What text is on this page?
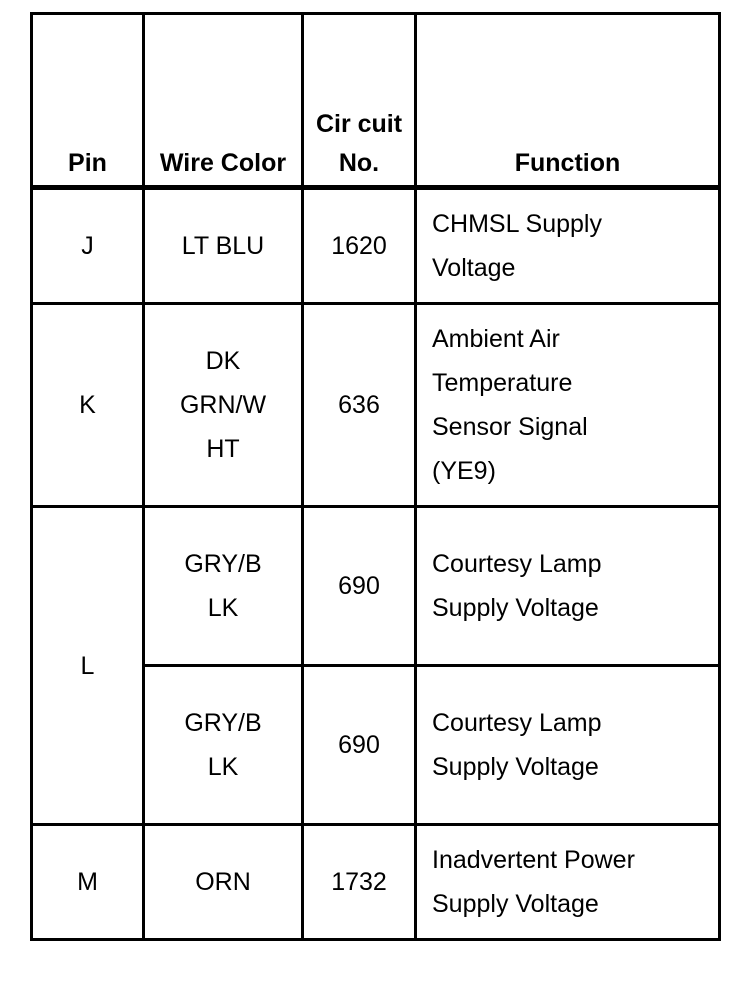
Pin	Wire Color	Cir cuit No.	Function
J	LT BLU	1620	CHMSL Supply
Voltage
K	DK
GRN/W
HT	636	Ambient Air
Temperature
Sensor Signal
(YE9)
L	GRY/B
LK	690	Courtesy Lamp
Supply Voltage
	GRY/B
LK	690	Courtesy Lamp
Supply Voltage
M	ORN	1732	Inadvertent Power
Supply Voltage
